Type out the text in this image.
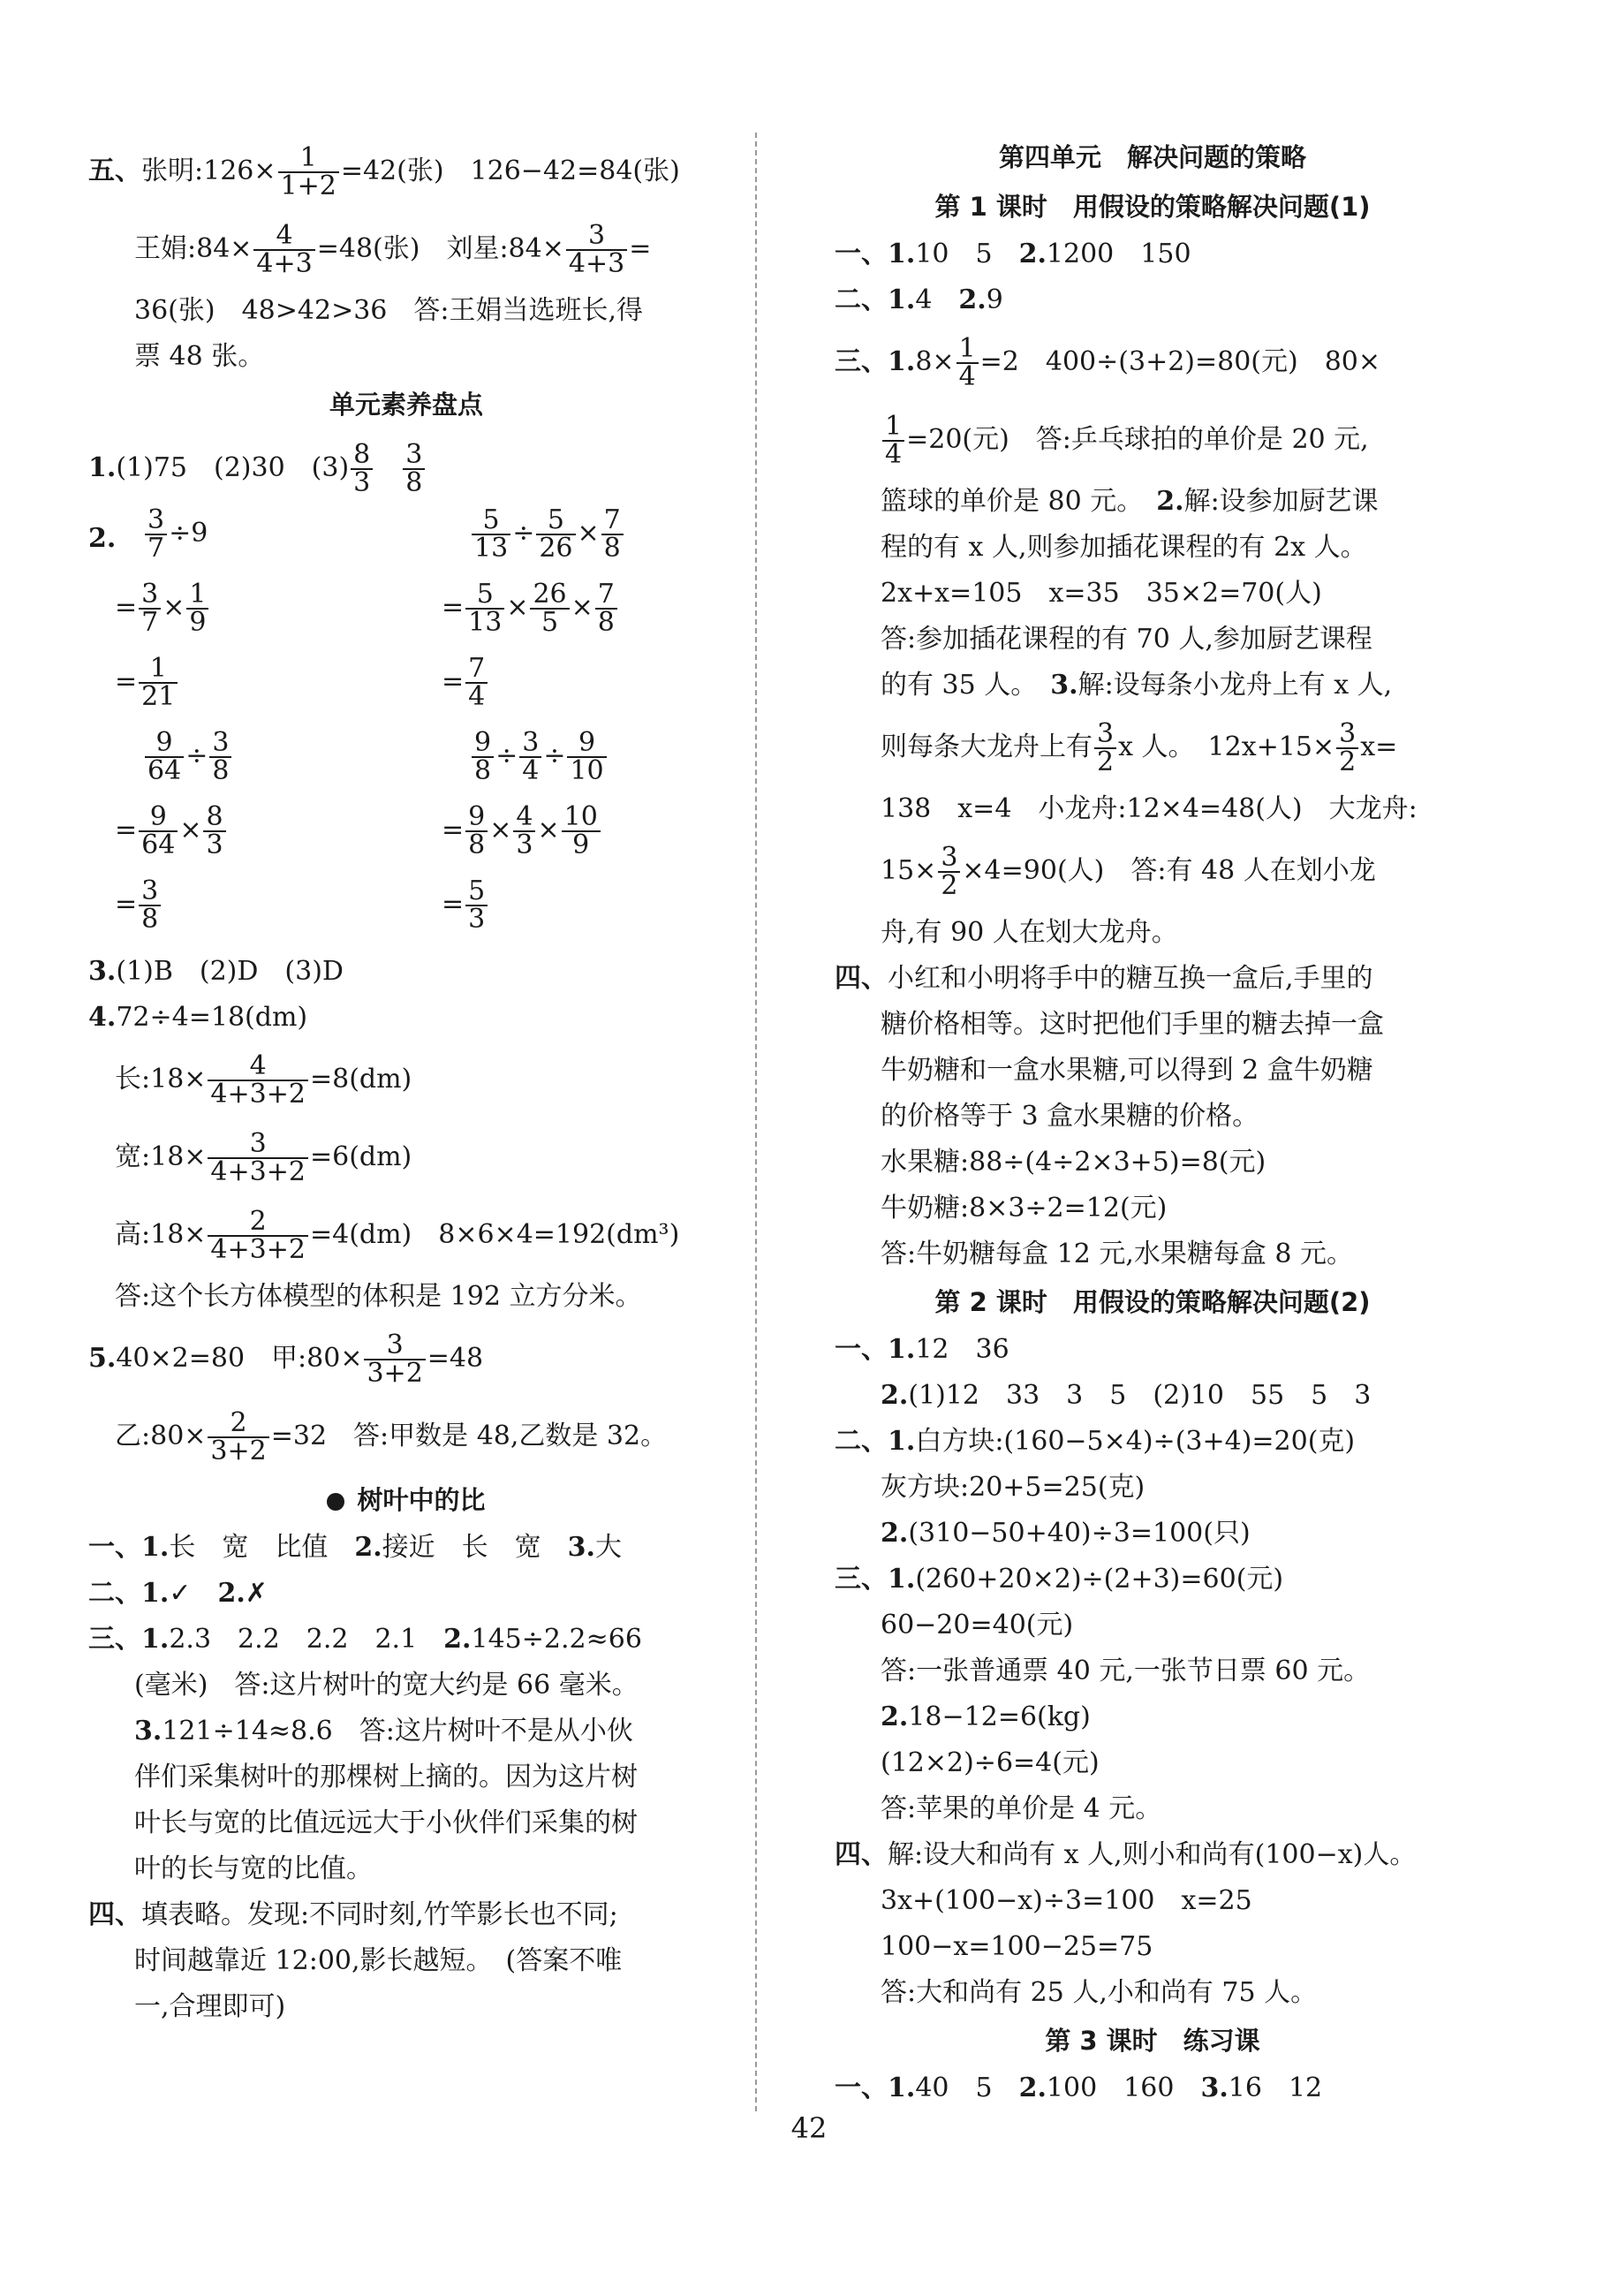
五、张明:126× $\frac{1}{1+2} =42$(张)　126−42=84(张)
王娟:84× $\frac{4}{4+3} =48$(张)　刘星:84× $\frac{3}{4+3}$ =
36(张)　48>42>36　答:王娟当选班长,得
票 48 张。
单元素养盘点
1.(1)75　(2)30　$(3) \frac{8}{3}$
　 $\frac{3}{8}$
2. $\frac{3}{7} \div 9$
= $\frac{3}{7} \times \frac{1}{9}$
= $\frac{1}{21}$
$\frac{5}{13} \div \frac{5}{26} \times \frac{7}{8}$
= $\frac{5}{13} \times \frac{26}{5} \times \frac{7}{8}$
= $\frac{7}{4}$
$\frac{9}{64} \div \frac{3}{8}$
= $\frac{9}{64} \times \frac{8}{3}$
= $\frac{3}{8}$
$\frac{9}{8} \div \frac{3}{4} \div \frac{9}{10}$
= $\frac{9}{8} \times \frac{4}{3} \times \frac{10}{9}$
= $\frac{5}{3}$
3.(1)B　(2)D　(3)D
4.72÷4=18(dm)
长:18× $\frac{4}{4+3+2} =8(dm)$
宽:18× $\frac{3}{4+3+2} =6(dm)$
高:18× $\frac{2}{4+3+2} =4(dm)$　8×6×4=192(dm³)
答:这个长方体模型的体积是 192 立方分米。
5.40×2=80　甲:80× $\frac{3}{3+2} =48$
乙:80× $\frac{2}{3+2} =32$　答:甲数是 48,乙数是 32。
树叶中的比
一、1.长　宽　比值　2.接近　长　宽　3.大
二、1.✓　2.✗
三、1.2.3　2.2　2.2　2.1　2.145÷2.2≈66
(毫米)　答:这片树叶的宽大约是 66 毫米。
3.121÷14≈8.6　答:这片树叶不是从小伙
伴们采集树叶的那棵树上摘的。因为这片树
叶长与宽的比值远远大于小伙伴们采集的树
叶的长与宽的比值。
四、填表略。发现:不同时刻,竹竿影长也不同;
时间越靠近 12:00,影长越短。　(答案不唯
一,合理即可)
第四单元　解决问题的策略
第 1 课时　用假设的策略解决问题(1)
一、1.10　5　2.1200　150
二、1.4　2.9
三、$1.8\times \frac{1}{4} =2$　400÷(3+2)=80(元)　80×
$\frac{1}{4} =20$(元)　答:乒乓球拍的单价是 20 元,
篮球的单价是 80 元。　2.解:设参加厨艺课
程的有 x 人,则参加插花课程的有 2x 人。
2x+x=105　x=35　35×2=70(人)
答:参加插花课程的有 70 人,参加厨艺课程
的有 35 人。　3.解:设每条小龙舟上有 x 人,
则每条大龙舟上有 $\frac{3}{2}$ x 人。　$12x+15\times \frac{3}{2} x=$
138　x=4　小龙舟:12×4=48(人)　大龙舟:
$15\times \frac{3}{2} \times 4=90$(人)　答:有 48 人在划小龙
舟,有 90 人在划大龙舟。
四、小红和小明将手中的糖互换一盒后,手里的
糖价格相等。这时把他们手里的糖去掉一盒
牛奶糖和一盒水果糖,可以得到 2 盒牛奶糖
的价格等于 3 盒水果糖的价格。
水果糖:88÷(4÷2×3+5)=8(元)
牛奶糖:8×3÷2=12(元)
答:牛奶糖每盒 12 元,水果糖每盒 8 元。
第 2 课时　用假设的策略解决问题(2)
一、1.12　36
2.(1)12　33　3　5　(2)10　55　5　3
二、1.白方块:(160−5×4)÷(3+4)=20(克)
灰方块:20+5=25(克)
2.(310−50+40)÷3=100(只)
三、1.(260+20×2)÷(2+3)=60(元)
60−20=40(元)
答:一张普通票 40 元,一张节日票 60 元。
2.18−12=6(kg)
(12×2)÷6=4(元)
答:苹果的单价是 4 元。
四、解:设大和尚有 x 人,则小和尚有(100−x)人。
3x+(100−x)÷3=100　x=25
100−x=100−25=75
答:大和尚有 25 人,小和尚有 75 人。
第 3 课时　练习课
一、1.40　5　2.100　160　3.16　12
42
